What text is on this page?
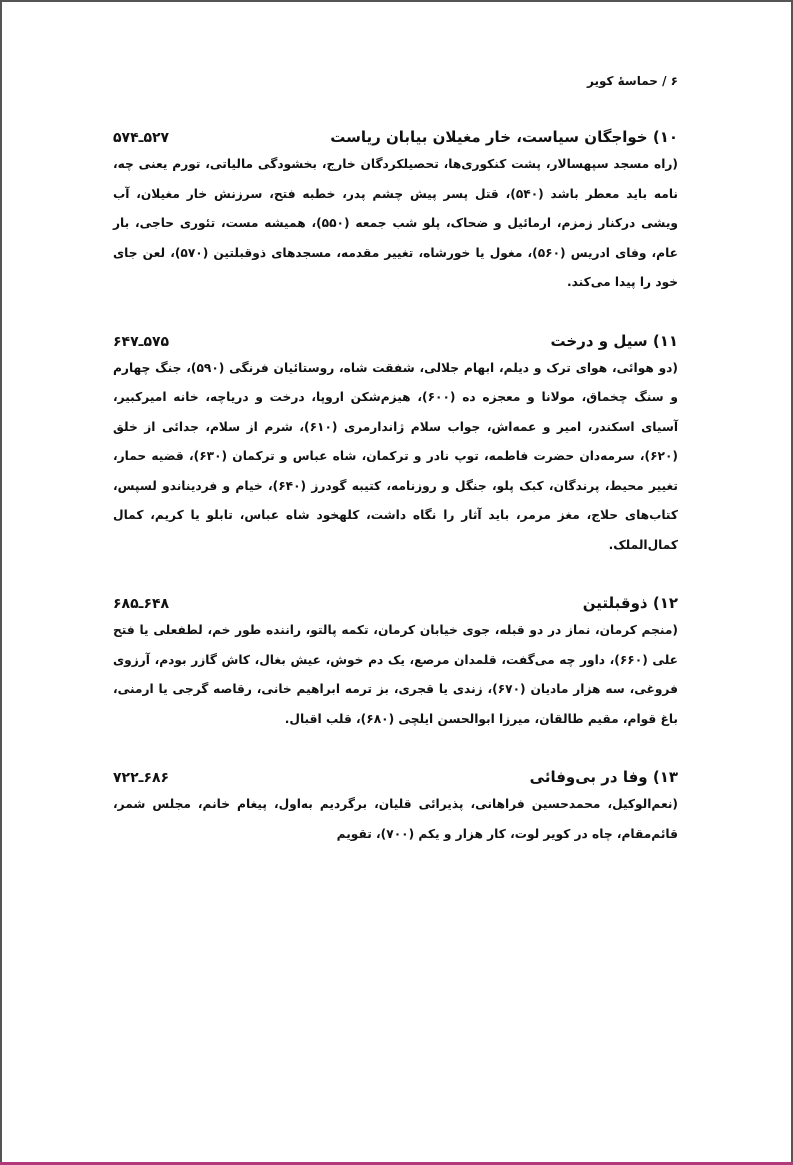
۶ / حماسهٔ کویر
۱۰) خواجگان سیاست، خار مغیلان بیابان ریاست
۵۲۷ـ۵۷۴

(راه مسجد سپهسالار، پشت کنکوری‌ها، تحصیلکردگان خارج، بخشودگی مالیاتی، تورم یعنی چه، نامه باید معطر باشد (۵۴۰)، قتل پسر پیش چشم پدر، خطبه فتح، سرزنش خار مغیلان، آب ویشی درکنار زمزم، ارمائیل و ضحاک، پلو شب جمعه (۵۵۰)، همیشه مست، تئوری حاجی، بار عام، وفای ادریس (۵۶۰)، مغول یا خورشاه، تغییر مقدمه، مسجدهای ذوقبلتین (۵۷۰)، لعن جای خود را پیدا می‌کند.

۱۱) سیل و درخت
۵۷۵ـ۶۴۷

(دو هوائی، هوای ترک و دیلم، ابهام جلالی، شفقت شاه، روستائیان فرنگی (۵۹۰)، جنگ چهارم و سنگ چخماق، مولانا و معجزه ده (۶۰۰)، هیزم‌شکن اروپا، درخت و دریاچه، خانه امیرکبیر، آسیای اسکندر، امیر و عمه‌اش، جواب سلام ژاندارمری (۶۱۰)، شرم از سلام، جدائی از خلق (۶۲۰)، سرمه‌دان حضرت فاطمه، توپ نادر و ترکمان، شاه عباس و ترکمان (۶۳۰)، قضیه حمار، تغییر محیط، پرندگان، کبک پلو، جنگل و روزنامه، کتیبه گودرز (۶۴۰)، خیام و فردیناندو لسپس، کتاب‌های حلاج، مغز مرمر، باید آثار را نگاه داشت، کلهخود شاه عباس، تابلو یا کریم، کمال کمال‌الملک.

۱۲) ذوقبلتین
۶۴۸ـ۶۸۵

(منجم کرمان، نماز در دو قبله، جوی خیابان کرمان، تکمه پالتو، راننده طور خم، لطفعلی یا فتح علی (۶۶۰)، داور چه می‌گفت، قلمدان مرصع، یک دم خوش، عیش بغال، کاش گازر بودم، آرزوی فروغی، سه هزار مادیان (۶۷۰)، زندی یا قجری، بز ترمه ابراهیم خانی، رقاصه گرجی یا ارمنی، باغ قوام، مقیم طالقان، میرزا ابوالحسن ایلچی (۶۸۰)، قلب اقبال.

۱۳) وفا در بی‌وفائی
۶۸۶ـ۷۲۲

(نعم‌الوکیل، محمدحسین فراهانی، پذیرائی قلیان، برگردیم به‌اول، پیغام خانم، مجلس شمر، قائم‌مقام، چاه در کویر لوت، کار هزار و یکم (۷۰۰)، تقویم
